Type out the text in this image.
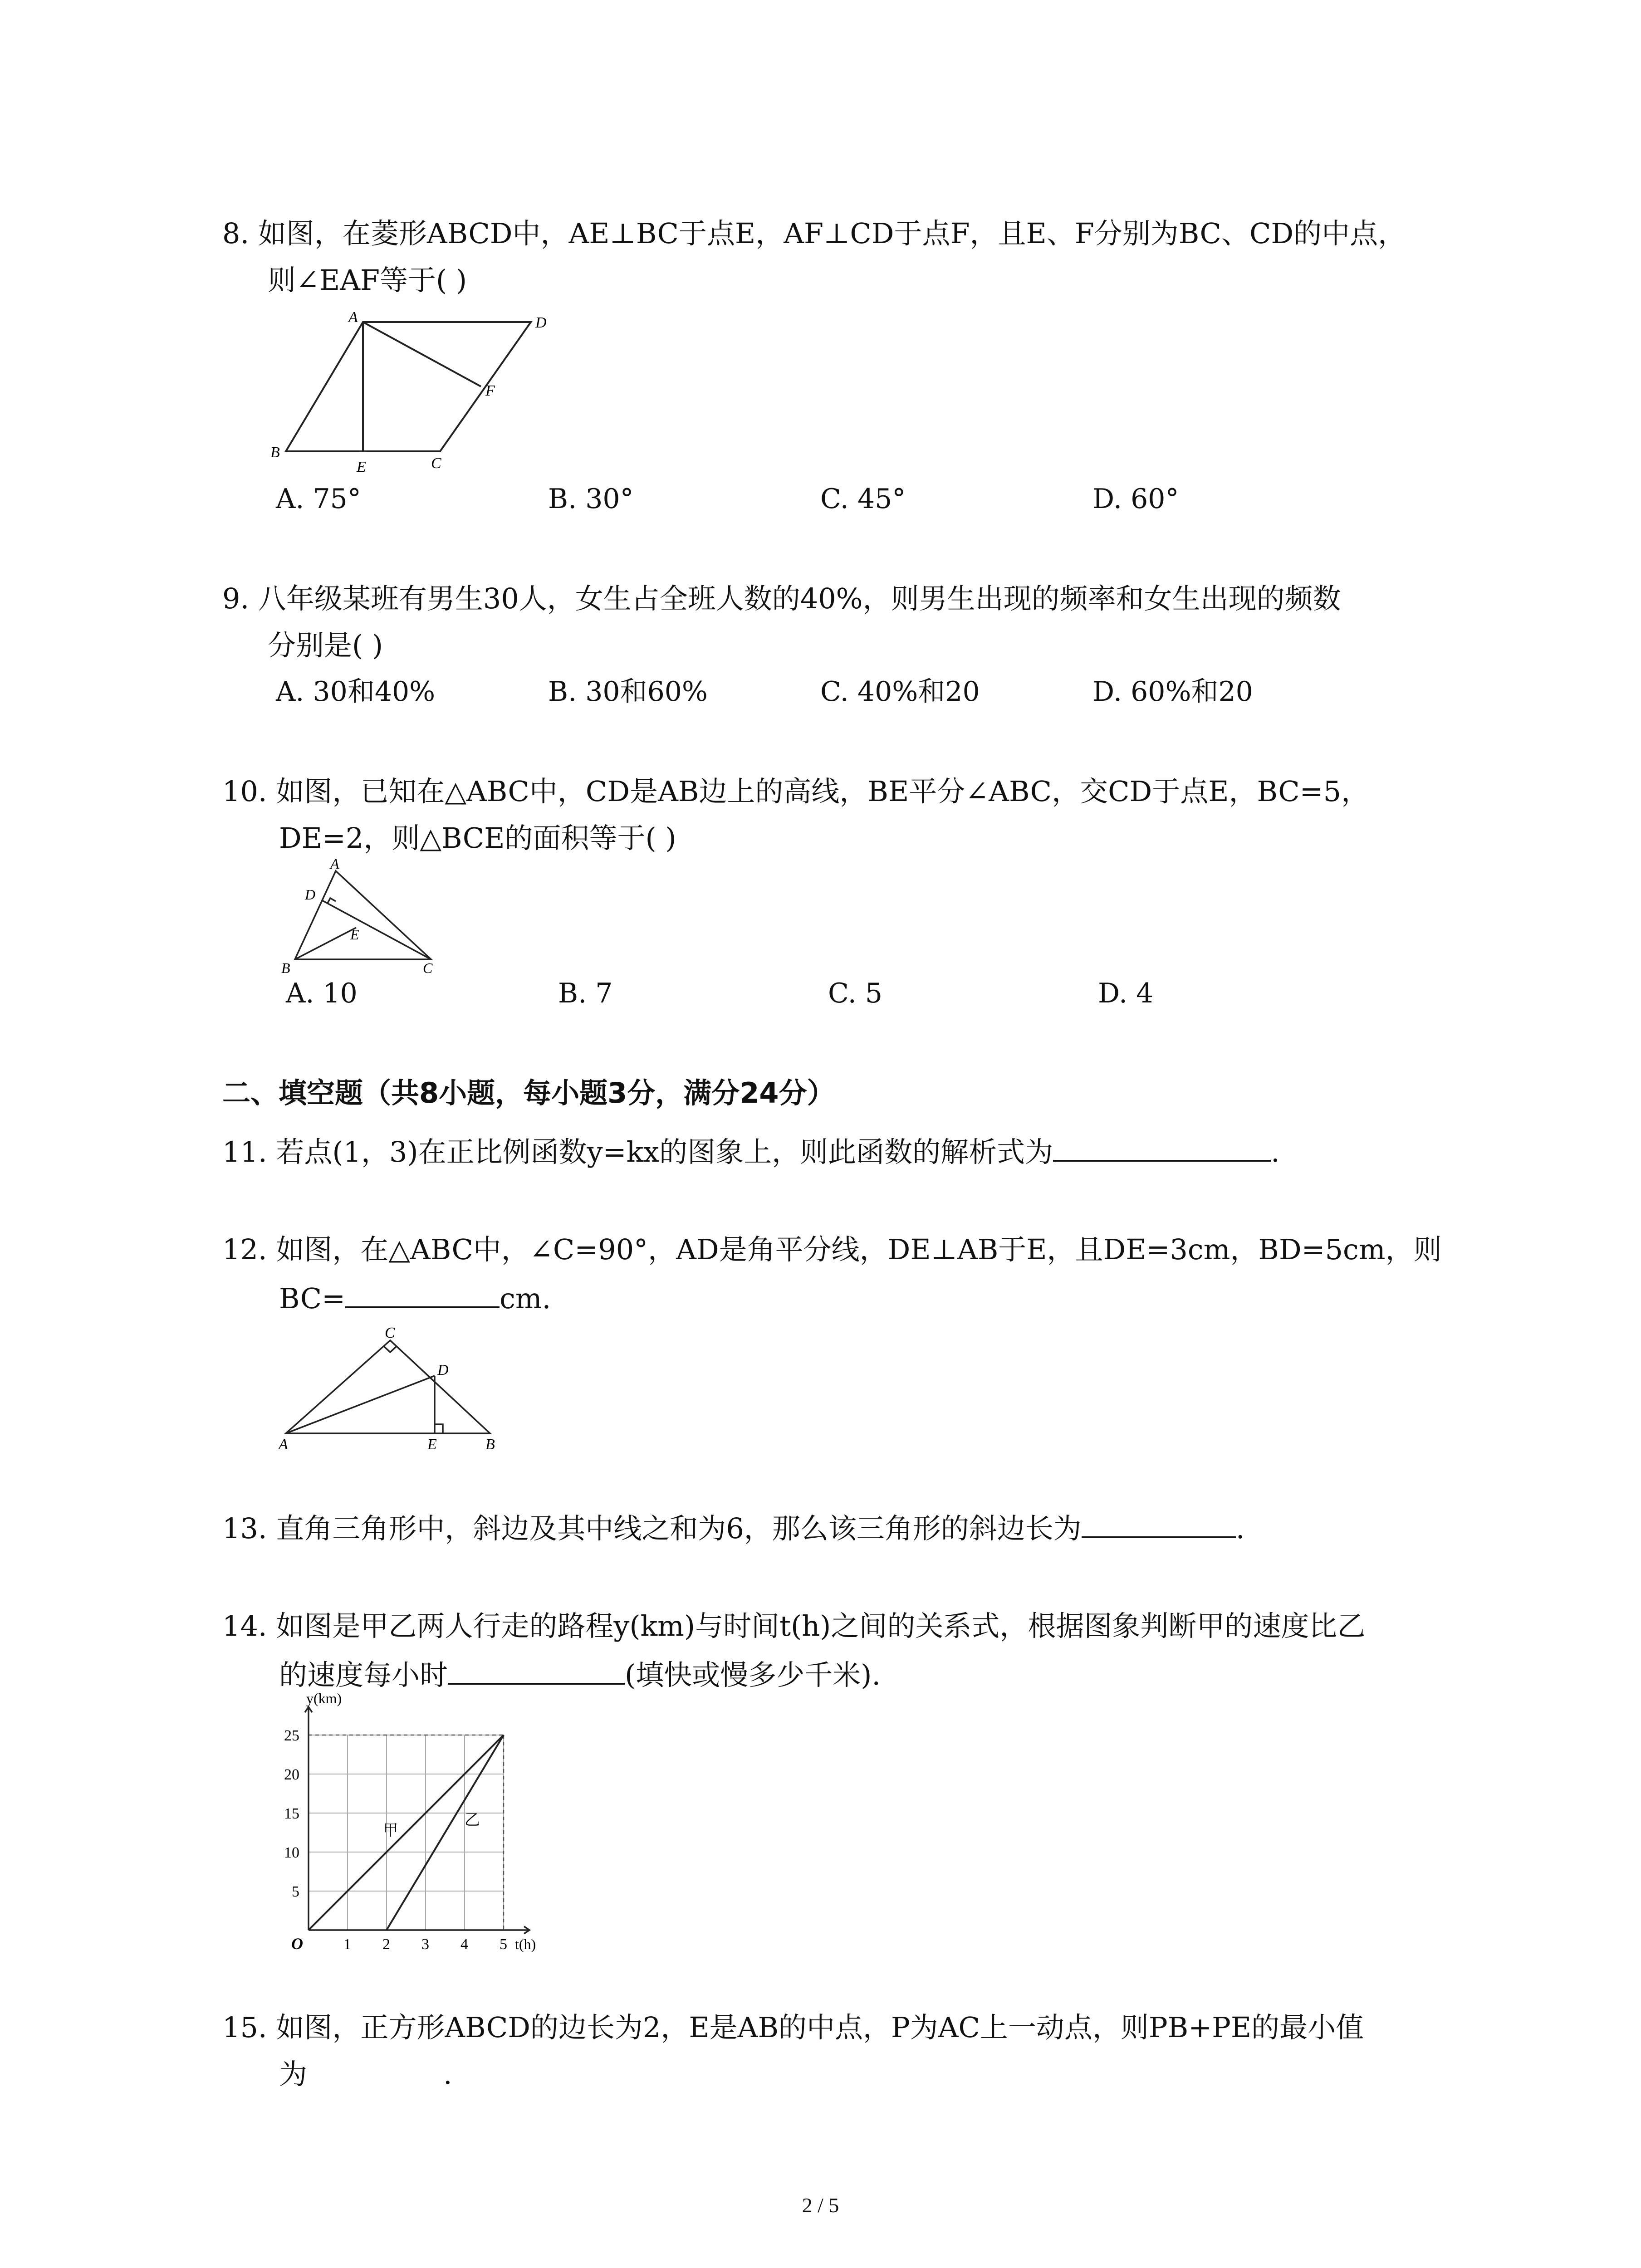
8. 如图，在菱形ABCD中，AE⊥BC于点E，AF⊥CD于点F，且E、F分别为BC、CD的中点，
则∠EAF等于( )
A	D
F
B
E	C
A. 75°	B. 30°	C. 45°	D. 60°
9. 八年级某班有男生30人，女生占全班人数的40%，则男生出现的频率和女生出现的频数
分别是( )
A. 30和40%	B. 30和60%	C. 40%和20	D. 60%和20
10. 如图，已知在△ABC中，CD是AB边上的高线，BE平分∠ABC，交CD于点E，BC=5，
DE=2，则△BCE的面积等于( )
A
D
E
B	C
A. 10	B. 7	C. 5	D. 4
二、填空题（共8小题，每小题3分，满分24分）
11. 若点(1，3)在正比例函数y=kx的图象上，则此函数的解析式为	.
12. 如图，在△ABC中，∠C=90°，AD是角平分线，DE⊥AB于E，且DE=3cm，BD=5cm，则
BC=	cm.
C
D
A	E	B
13. 直角三角形中，斜边及其中线之和为6，那么该三角形的斜边长为	.
14. 如图是甲乙两人行走的路程y(km)与时间t(h)之间的关系式，根据图象判断甲的速度比乙
的速度每小时	(填快或慢多少千米).
甲
乙
1 2 3 4 5
5
10
15
20
25
y(km)
t(h)
O
15. 如图，正方形ABCD的边长为2，E是AB的中点，P为AC上一动点，则PB+PE的最小值
为	.
2 / 5
